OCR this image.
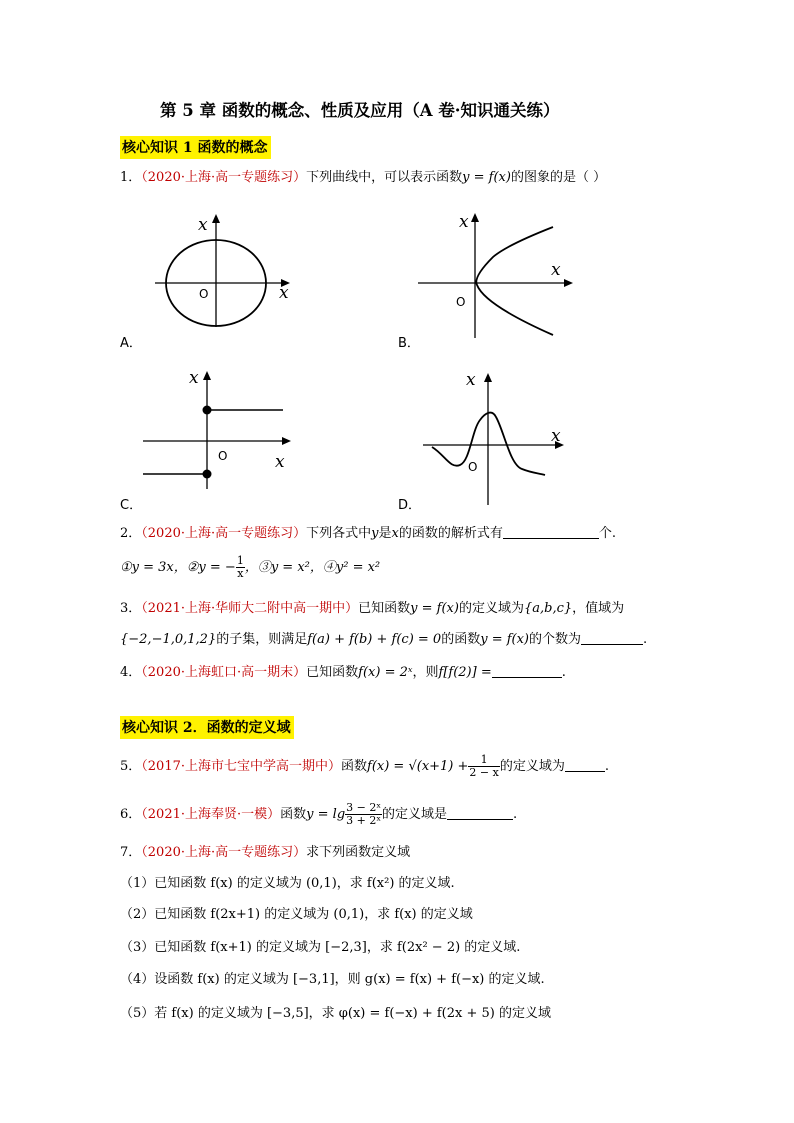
第 5 章 函数的概念、性质及应用（A 卷·知识通关练）
核心知识 1 函数的概念
1．（2020·上海·高一专题练习）下列曲线中，可以表示函数y = f(x)的图象的是（ ）
x
x
O
A．
x
x
O
B．
x
x
O
C．
x
x
O
D．
2．（2020·上海·高一专题练习）下列各式中y是x的函数的解析式有	个.
①y = 3x，②y = − $\frac{1}{x}$ ，③y = x²，④y² = x²
3．（2021·上海·华师大二附中高一期中）已知函数y = f(x)的定义域为{a,b,c}，值域为
{−2,−1,0,1,2}的子集，则满足f(a) + f(b) + f(c) = 0的函数y = f(x)的个数为	.
4．（2020·上海虹口·高一期末）已知函数f(x) = 2ˣ，则f[f(2)] =	.
核心知识 2．函数的定义域
5．（2017·上海市七宝中学高一期中）函数$f(x) = √(x+1) + \frac{1}{2 - x}$ 的定义域为	.
6．（2021·上海奉贤·一模）函数$y = \lg \frac{\text{3 − 2ˣ}}{\text{3 + 2ˣ}}$ 的定义域是	.
7．（2020·上海·高一专题练习）求下列函数定义域
（1）已知函数 f(x) 的定义域为 (0,1)，求 f(x²) 的定义域.
（2）已知函数 f(2x+1) 的定义域为 (0,1)，求 f(x) 的定义域
（3）已知函数 f(x+1) 的定义域为 [−2,3]，求 f(2x² − 2) 的定义域.
（4）设函数 f(x) 的定义域为 [−3,1]，则 g(x) = f(x) + f(−x) 的定义域.
（5）若 f(x) 的定义域为 [−3,5]，求 φ(x) = f(−x) + f(2x + 5) 的定义域
